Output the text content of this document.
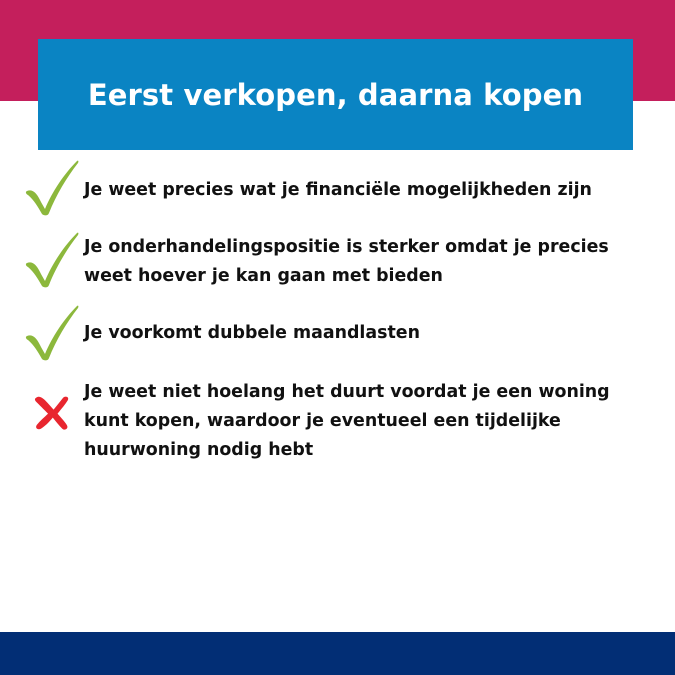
Eerst verkopen, daarna kopen

Je weet precies wat je financiële mogelijkheden zijn

Je onderhandelingspositie is sterker omdat je precies
weet hoever je kan gaan met bieden

Je voorkomt dubbele maandlasten

Je weet niet hoelang het duurt voordat je een woning
kunt kopen, waardoor je eventueel een tijdelijke
huurwoning nodig hebt
